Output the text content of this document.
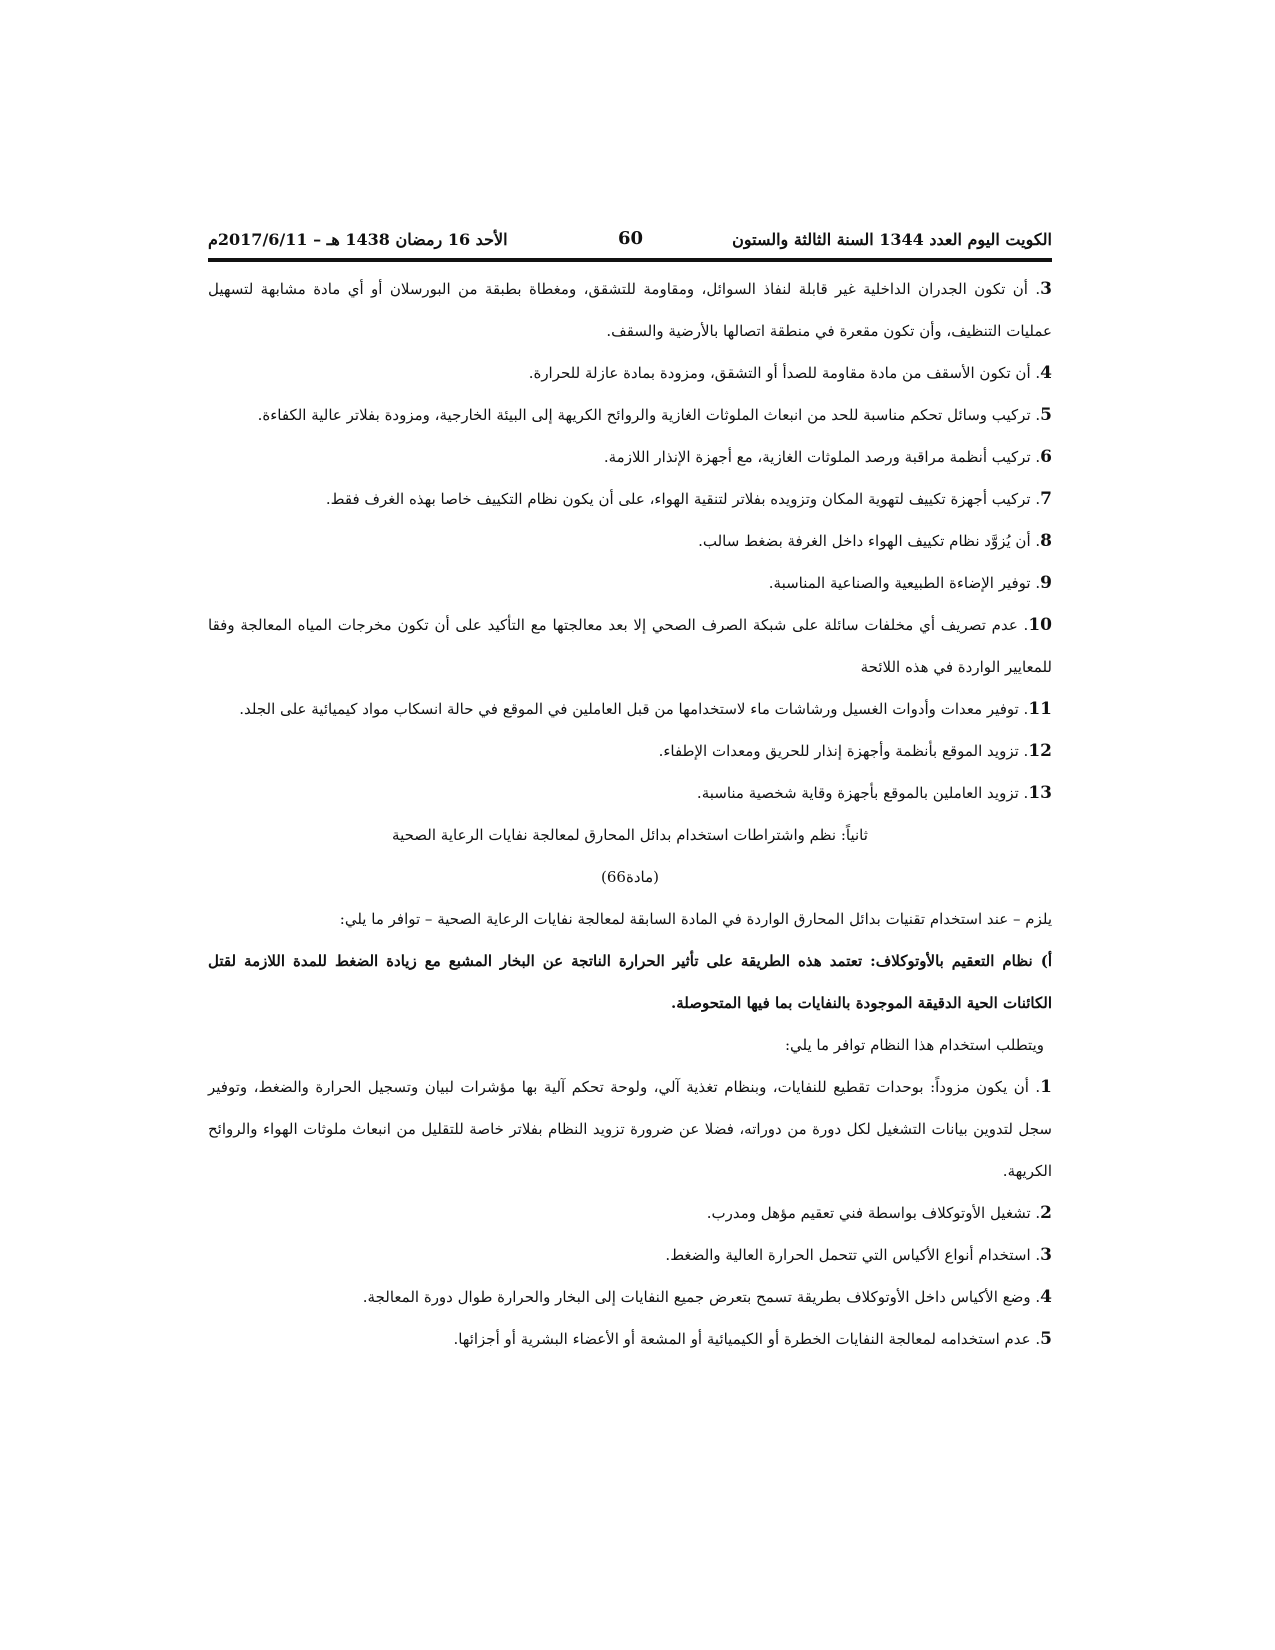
الكويت اليوم العدد 1344 السنة الثالثة والستون
60
الأحد 16 رمضان 1438 هـ – 2017/6/11م

3. أن تكون الجدران الداخلية غير قابلة لنفاذ السوائل، ومقاومة للتشقق، ومغطاة بطبقة من البورسلان أو أي مادة مشابهة لتسهيل عمليات التنظيف، وأن تكون مقعرة في منطقة اتصالها بالأرضية والسقف.

4. أن تكون الأسقف من مادة مقاومة للصدأ أو التشقق، ومزودة بمادة عازلة للحرارة.

5. تركيب وسائل تحكم مناسبة للحد من انبعاث الملوثات الغازية والروائح الكريهة إلى البيئة الخارجية، ومزودة بفلاتر عالية الكفاءة.

6. تركيب أنظمة مراقبة ورصد الملوثات الغازية، مع أجهزة الإنذار اللازمة.

7. تركيب أجهزة تكييف لتهوية المكان وتزويده بفلاتر لتنقية الهواء، على أن يكون نظام التكييف خاصا بهذه الغرف فقط.

8. أن يُزوَّد نظام تكييف الهواء داخل الغرفة بضغط سالب.

9. توفير الإضاءة الطبيعية والصناعية المناسبة.

10. عدم تصريف أي مخلفات سائلة على شبكة الصرف الصحي إلا بعد معالجتها مع التأكيد على أن تكون مخرجات المياه المعالجة وفقا للمعايير الواردة في هذه اللائحة

11. توفير معدات وأدوات الغسيل ورشاشات ماء لاستخدامها من قبل العاملين في الموقع في حالة انسكاب مواد كيميائية على الجلد.

12. تزويد الموقع بأنظمة وأجهزة إنذار للحريق ومعدات الإطفاء.

13. تزويد العاملين بالموقع بأجهزة وقاية شخصية مناسبة.

ثانياً: نظم واشتراطات استخدام بدائل المحارق لمعالجة نفايات الرعاية الصحية

(مادة66)

يلزم – عند استخدام تقنيات بدائل المحارق الواردة في المادة السابقة لمعالجة نفايات الرعاية الصحية – توافر ما يلي:

أ) نظام التعقيم بالأوتوكلاف: تعتمد هذه الطريقة على تأثير الحرارة الناتجة عن البخار المشبع مع زيادة الضغط للمدة اللازمة لقتل الكائنات الحية الدقيقة الموجودة بالنفايات بما فيها المتحوصلة.

ويتطلب استخدام هذا النظام توافر ما يلي:

1. أن يكون مزوداً: بوحدات تقطيع للنفايات، وبنظام تغذية آلي، ولوحة تحكم آلية بها مؤشرات لبيان وتسجيل الحرارة والضغط، وتوفير سجل لتدوين بيانات التشغيل لكل دورة من دوراته، فضلا عن ضرورة تزويد النظام بفلاتر خاصة للتقليل من انبعاث ملوثات الهواء والروائح الكريهة.

2. تشغيل الأوتوكلاف بواسطة فني تعقيم مؤهل ومدرب.

3. استخدام أنواع الأكياس التي تتحمل الحرارة العالية والضغط.

4. وضع الأكياس داخل الأوتوكلاف بطريقة تسمح بتعرض جميع النفايات إلى البخار والحرارة طوال دورة المعالجة.

5. عدم استخدامه لمعالجة النفايات الخطرة أو الكيميائية أو المشعة أو الأعضاء البشرية أو أجزائها.
